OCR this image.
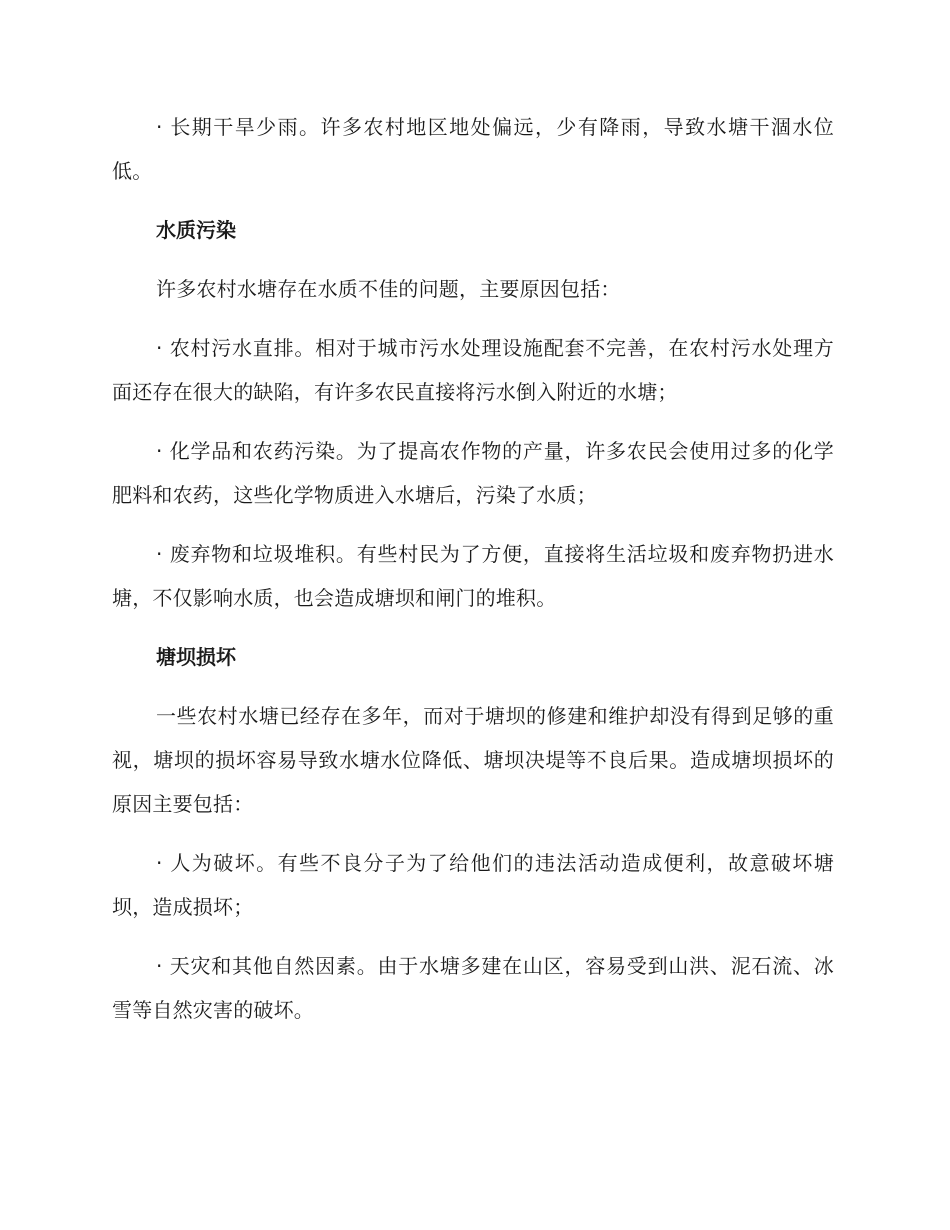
· 长期干旱少雨。许多农村地区地处偏远，少有降雨，导致水塘干涸水位低。

水质污染

许多农村水塘存在水质不佳的问题，主要原因包括：

· 农村污水直排。相对于城市污水处理设施配套不完善，在农村污水处理方面还存在很大的缺陷，有许多农民直接将污水倒入附近的水塘；

· 化学品和农药污染。为了提高农作物的产量，许多农民会使用过多的化学肥料和农药，这些化学物质进入水塘后，污染了水质；

· 废弃物和垃圾堆积。有些村民为了方便，直接将生活垃圾和废弃物扔进水塘，不仅影响水质，也会造成塘坝和闸门的堆积。

塘坝损坏

一些农村水塘已经存在多年，而对于塘坝的修建和维护却没有得到足够的重视，塘坝的损坏容易导致水塘水位降低、塘坝决堤等不良后果。造成塘坝损坏的原因主要包括：

· 人为破坏。有些不良分子为了给他们的违法活动造成便利，故意破坏塘坝，造成损坏；

· 天灾和其他自然因素。由于水塘多建在山区，容易受到山洪、泥石流、冰雪等自然灾害的破坏。
